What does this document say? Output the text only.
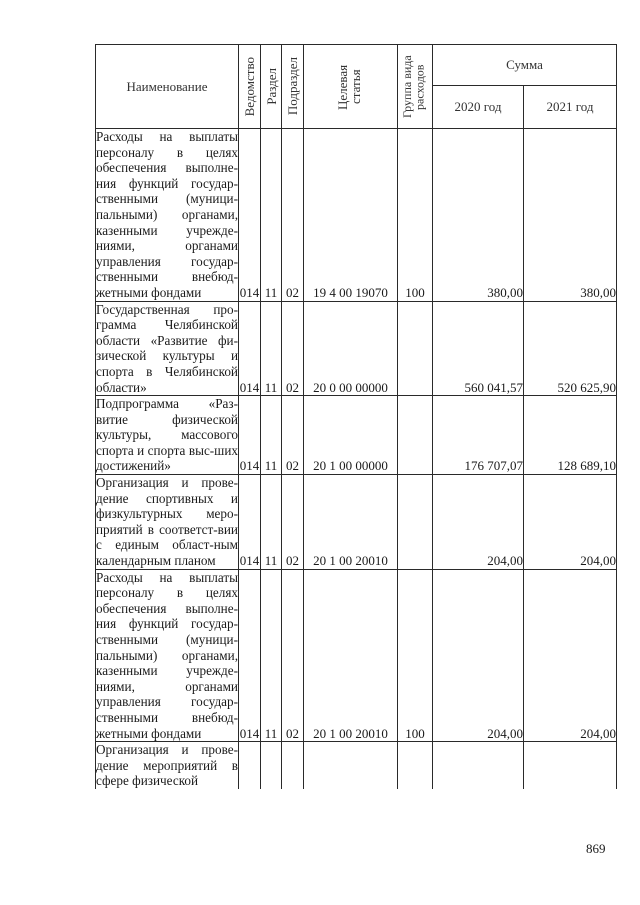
Наименование	Ведомство	Раздел	Подраздел	Целевая статья	Группа вида расходов	Сумма	
						2020 год	2021 год
Расходы на выплаты персоналу в целях обеспечения выполне-ния функций государ-ственными (муници-пальными) органами, казенными учрежде-ниями, органами управления государ-ственными внебюд-жетными фондами	014	11	02	19 4 00 19070	100	380,00	380,00
Государственная про-грамма Челябинской области «Развитие фи-зической культуры и спорта в Челябинской области»	014	11	02	20 0 00 00000		560 041,57	520 625,90
Подпрограмма «Раз-витие физической культуры, массового спорта и спорта выс-ших достижений»	014	11	02	20 1 00 00000		176 707,07	128 689,10
Организация и прове-дение спортивных и физкультурных меро-приятий в соответст-вии с единым област-ным календарным планом	014	11	02	20 1 00 20010		204,00	204,00
Расходы на выплаты персоналу в целях обеспечения выполне-ния функций государ-ственными (муници-пальными) органами, казенными учрежде-ниями, органами управления государ-ственными внебюд-жетными фондами	014	11	02	20 1 00 20010	100	204,00	204,00
Организация и прове-дение мероприятий в сфере физической							
869
